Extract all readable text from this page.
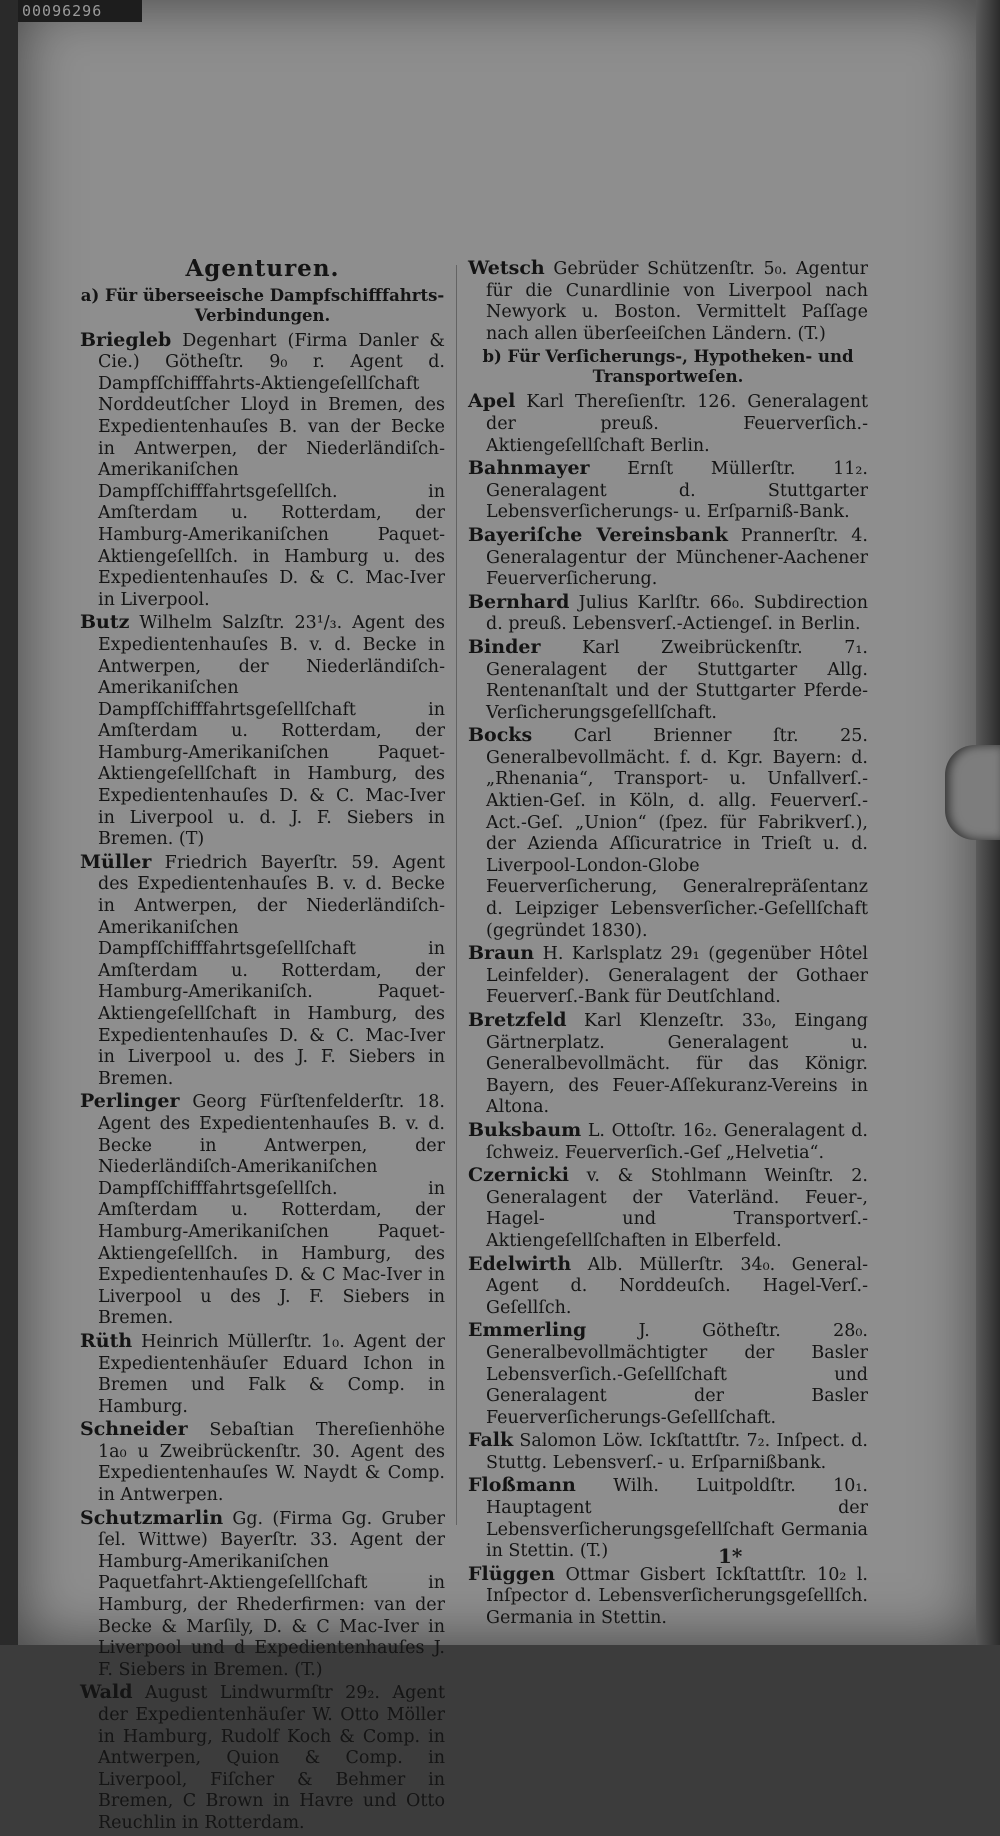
00096296
Agenturen.
a) Für überseeische Dampfschifffahrts-Verbindungen.

Briegleb Degenhart (Firma Danler & Cie.) Götheſtr. 9₀ r. Agent d. Dampfſchifffahrts-Aktiengeſellſchaft Norddeutſcher Lloyd in Bremen, des Expedientenhauſes B. van der Becke in Antwerpen, der Niederländiſch-Amerikaniſchen Dampfſchifffahrtsgeſellſch. in Amſterdam u. Rotterdam, der Hamburg-Amerikaniſchen Paquet-Aktiengeſellſch. in Hamburg u. des Expedientenhauſes D. & C. Mac-Iver in Liverpool.

Butz Wilhelm Salzſtr. 23¹/₃. Agent des Expedientenhauſes B. v. d. Becke in Antwerpen, der Niederländiſch-Amerikaniſchen Dampfſchifffahrtsgeſellſchaft in Amſterdam u. Rotterdam, der Hamburg-Amerikaniſchen Paquet-Aktiengeſellſchaft in Hamburg, des Expedientenhauſes D. & C. Mac-Iver in Liverpool u. d. J. F. Siebers in Bremen. (T)

Müller Friedrich Bayerſtr. 59. Agent des Expedientenhauſes B. v. d. Becke in Antwerpen, der Niederländiſch-Amerikaniſchen Dampfſchifffahrtsgeſellſchaft in Amſterdam u. Rotterdam, der Hamburg-Amerikaniſch. Paquet-Aktiengeſellſchaft in Hamburg, des Expedientenhauſes D. & C. Mac-Iver in Liverpool u. des J. F. Siebers in Bremen.

Perlinger Georg Fürſtenfelderſtr. 18. Agent des Expedientenhauſes B. v. d. Becke in Antwerpen, der Niederländiſch-Amerikaniſchen Dampfſchifffahrtsgeſellſch. in Amſterdam u. Rotterdam, der Hamburg-Amerikaniſchen Paquet-Aktiengeſellſch. in Hamburg, des Expedientenhauſes D. & C Mac-Iver in Liverpool u des J. F. Siebers in Bremen.

Rüth Heinrich Müllerſtr. 1₀. Agent der Expedientenhäuſer Eduard Ichon in Bremen und Falk & Comp. in Hamburg.

Schneider Sebaſtian Thereſienhöhe 1a₀ u Zweibrückenſtr. 30. Agent des Expedientenhauſes W. Naydt & Comp. in Antwerpen.

Schutzmarlin Gg. (Firma Gg. Gruber ſel. Wittwe) Bayerſtr. 33. Agent der Hamburg-Amerikaniſchen Paquetfahrt-Aktiengeſellſchaft in Hamburg, der Rhederfirmen: van der Becke & Marſily, D. & C Mac-Iver in Liverpool und d Expedientenhauſes J. F. Siebers in Bremen. (T.)

Wald August Lindwurmſtr 29₂. Agent der Expedientenhäuſer W. Otto Möller in Hamburg, Rudolf Koch & Comp. in Antwerpen, Quion & Comp. in Liverpool, Fiſcher & Behmer in Bremen, C Brown in Havre und Otto Reuchlin in Rotterdam.

Wetsch Gebrüder Schützenſtr. 5₀. Agentur für die Cunardlinie von Liverpool nach Newyork u. Boston. Vermittelt Paſſage nach allen überſeeiſchen Ländern. (T.)

b) Für Verſicherungs-, Hypotheken- und Transportweſen.

Apel Karl Thereſienſtr. 126. Generalagent der preuß. Feuerverſich.-Aktiengeſellſchaft Berlin.

Bahnmayer Ernſt Müllerſtr. 11₂. Generalagent d. Stuttgarter Lebensverſicherungs- u. Erſparniß-Bank.

Bayeriſche Vereinsbank Prannerſtr. 4. Generalagentur der Münchener-Aachener Feuerverſicherung.

Bernhard Julius Karlſtr. 66₀. Subdirection d. preuß. Lebensverſ.-Actiengeſ. in Berlin.

Binder Karl Zweibrückenſtr. 7₁. Generalagent der Stuttgarter Allg. Rentenanſtalt und der Stuttgarter Pferde-Verſicherungsgeſellſchaft.

Bocks Carl Brienner ſtr. 25. Generalbevollmächt. f. d. Kgr. Bayern: d. „Rhenania“, Transport- u. Unfallverſ.-Aktien-Geſ. in Köln, d. allg. Feuerverſ.-Act.-Geſ. „Union“ (ſpez. für Fabrikverſ.), der Azienda Aſſicuratrice in Trieſt u. d. Liverpool-London-Globe Feuerverſicherung, Generalrepräſentanz d. Leipziger Lebensverſicher.-Geſellſchaft (gegründet 1830).

Braun H. Karlsplatz 29₁ (gegenüber Hôtel Leinfelder). Generalagent der Gothaer Feuerverſ.-Bank für Deutſchland.

Bretzfeld Karl Klenzeſtr. 33₀, Eingang Gärtnerplatz. Generalagent u. Generalbevollmächt. für das Königr. Bayern, des Feuer-Aſſekuranz-Vereins in Altona.

Buksbaum L. Ottoſtr. 16₂. Generalagent d. ſchweiz. Feuerverſich.-Geſ „Helvetia“.

Czernicki v. & Stohlmann Weinſtr. 2. Generalagent der Vaterländ. Feuer-, Hagel- und Transportverſ.-Aktiengeſellſchaften in Elberfeld.

Edelwirth Alb. Müllerſtr. 34₀. General-Agent d. Norddeuſch. Hagel-Verſ.-Geſellſch.

Emmerling J. Götheſtr. 28₀. Generalbevollmächtigter der Basler Lebensverſich.-Geſellſchaft und Generalagent der Basler Feuerverſicherungs-Geſellſchaft.

Falk Salomon Löw. Ickſtattſtr. 7₂. Inſpect. d. Stuttg. Lebensverſ.- u. Erſparnißbank.

Floßmann Wilh. Luitpoldſtr. 10₁. Hauptagent der Lebensverſicherungsgeſellſchaft Germania in Stettin. (T.)

Flüggen Ottmar Gisbert Ickſtattſtr. 10₂ l. Inſpector d. Lebensverſicherungsgeſellſch. Germania in Stettin.

1*
